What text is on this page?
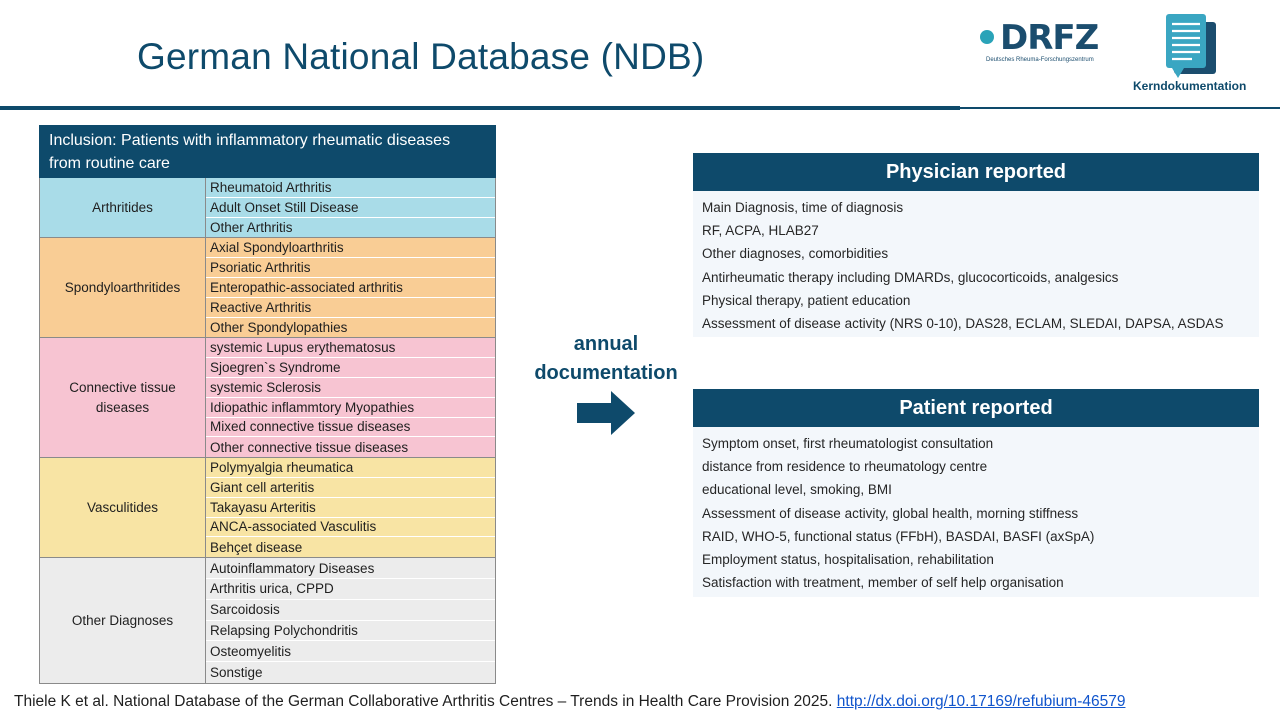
German National Database (NDB)	DRFZ
Deutsches Rheuma-Forschungszentrum
Kerndokumentation
Inclusion: Patients with inflammatory rheumatic diseases from routine care
Arthritides
Rheumatoid Arthritis
Adult Onset Still Disease
Other Arthritis
Spondyloarthritides
Axial Spondyloarthritis
Psoriatic Arthritis
Enteropathic-associated arthritis
Reactive Arthritis
Other Spondylopathies
Connective tissue diseases
systemic Lupus erythematosus
Sjoegren`s Syndrome
systemic Sclerosis
Idiopathic inflammtory Myopathies
Mixed connective tissue diseases
Other connective tissue diseases
Vasculitides
Polymyalgia rheumatica
Giant cell arteritis
Takayasu Arteritis
ANCA-associated Vasculitis
Behçet disease
Other Diagnoses
Autoinflammatory Diseases
Arthritis urica, CPPD
Sarcoidosis
Relapsing Polychondritis
Osteomyelitis
Sonstige
annual
documentation
Physician reported
Main Diagnosis, time of diagnosis
RF, ACPA, HLAB27
Other diagnoses, comorbidities
Antirheumatic therapy including DMARDs, glucocorticoids, analgesics
Physical therapy, patient education
Assessment of disease activity (NRS 0-10), DAS28, ECLAM, SLEDAI, DAPSA, ASDAS
Patient reported
Symptom onset, first rheumatologist consultation
distance from residence to rheumatology centre
educational level, smoking, BMI
Assessment of disease activity, global health, morning stiffness
RAID, WHO-5, functional status (FFbH), BASDAI, BASFI (axSpA)
Employment status, hospitalisation, rehabilitation
Satisfaction with treatment, member of self help organisation
Thiele K et al. National Database of the German Collaborative Arthritis Centres – Trends in Health Care Provision 2025. http://dx.doi.org/10.17169/refubium-46579
